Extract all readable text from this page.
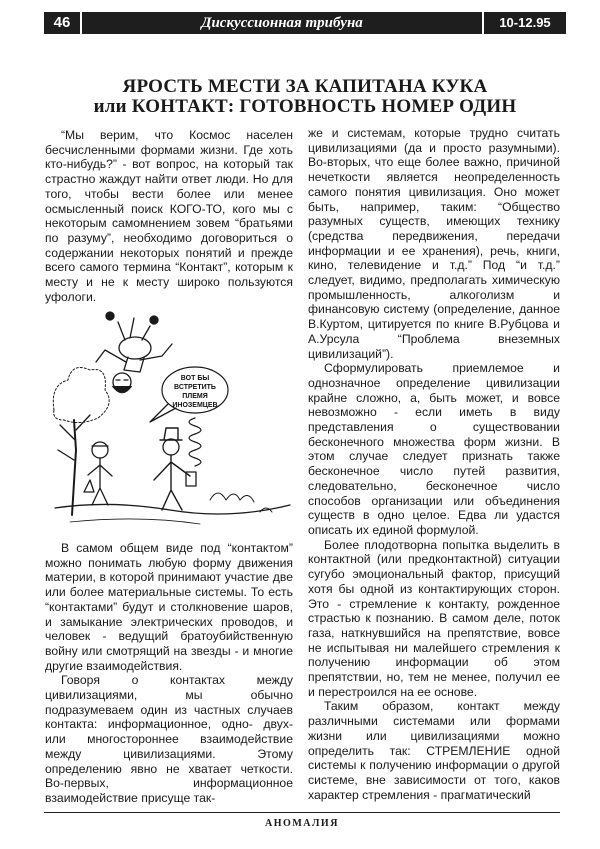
46	Дискуссионная трибуна	10-12.95
ЯРОСТЬ МЕСТИ ЗА КАПИТАНА КУКА
или КОНТАКТ: ГОТОВНОСТЬ НОМЕР ОДИН

“Мы верим, что Космос населен бесчисленными формами жизни. Где хоть кто-нибудь?” - вот вопрос, на который так страстно жаждут найти ответ люди. Но для того, чтобы вести более или менее осмысленный поиск КОГО-ТО, кого мы с некоторым самомнением зовем “братьями по разуму”, необходимо договориться о содержании некоторых понятий и прежде всего самого термина “Контакт”, которым к месту и не к месту широко пользуются уфологи.

ВОТ БЫ
ВСТРЕТИТЬ
ПЛЕМЯ
ИНОЗЕМЦЕВ

В самом общем виде под “контактом” можно понимать любую форму движения материи, в которой принимают участие две или более материальные системы. То есть “контактами” будут и столкновение шаров, и замыкание электрических проводов, и человек - ведущий братоубийственную войну или смотрящий на звезды - и многие другие взаимодействия.

Говоря о контактах между цивилизациями, мы обычно подразумеваем один из частных случаев контакта: информационное, одно- двух- или многостороннее взаимодействие между цивилизациями. Этому определению явно не хватает четкости. Во-первых, информационное взаимодействие присуще так-

же и системам, которые трудно считать цивилизациями (да и просто разумными). Во-вторых, что еще более важно, причиной нечеткости является неопределенность самого понятия цивилизация. Оно может быть, например, таким: “Общество разумных существ, имеющих технику (средства передвижения, передачи информации и ее хранения), речь, книги, кино, телевидение и т.д.” Под “и т.д.” следует, видимо, предполагать химическую промышленность, алкоголизм и финансовую систему (определение, данное В.Куртом, цитируется по книге В.Рубцова и А.Урсула “Проблема внеземных цивилизаций”).

Сформулировать приемлемое и однозначное определение цивилизации крайне сложно, а, быть может, и вовсе невозможно - если иметь в виду представления о существовании бесконечного множества форм жизни. В этом случае следует признать также бесконечное число путей развития, следовательно, бесконечное число способов организации или объединения существ в одно целое. Едва ли удастся описать их единой формулой.

Более плодотворна попытка выделить в контактной (или предконтактной) ситуации сугубо эмоциональный фактор, присущий хотя бы одной из контактирующих сторон. Это - стремление к контакту, рожденное страстью к познанию. В самом деле, поток газа, наткнувшийся на препятствие, вовсе не испытывая ни малейшего стремления к получению информации об этом препятствии, но, тем не менее, получил ее и перестроился на ее основе.

Таким образом, контакт между различными системами или формами жизни или цивилизациями можно определить так: СТРЕМЛЕНИЕ одной системы к получению информации о другой системе, вне зависимости от того, каков характер стремления - прагматический

АНОМАЛИЯ
